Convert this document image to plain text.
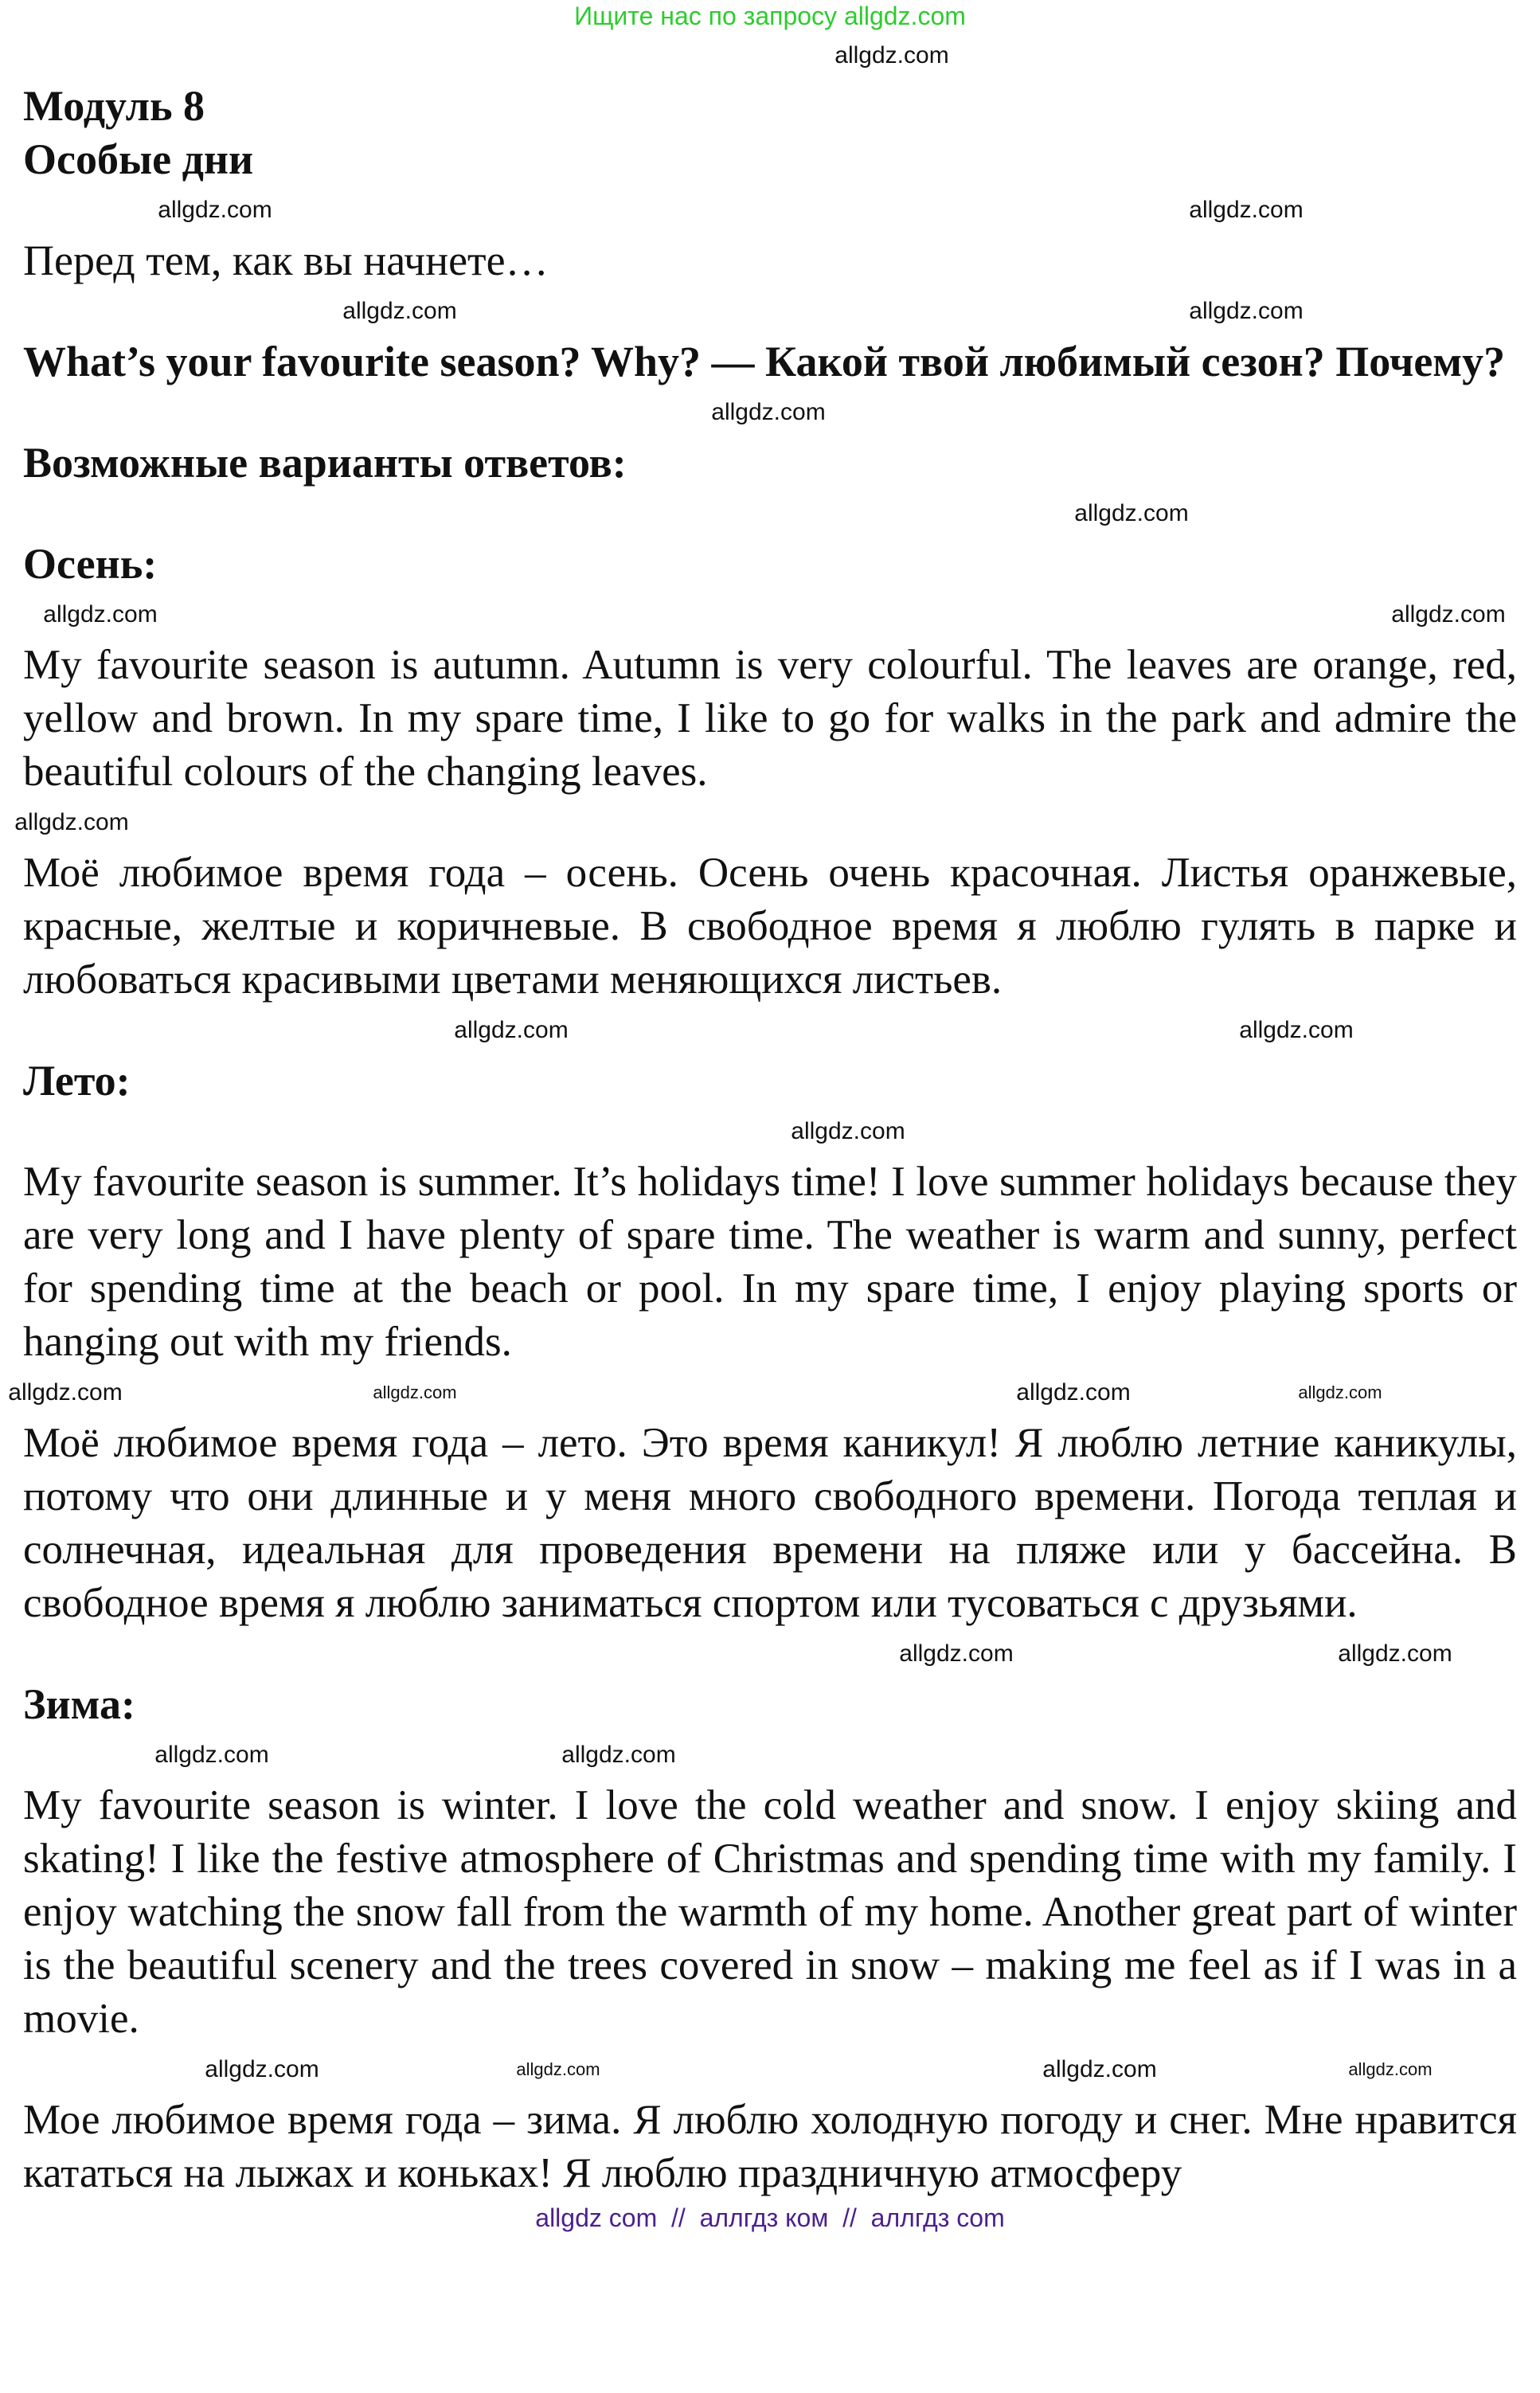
Ищите нас по запросу allgdz.com
allgdz.com
Модуль 8
Особые дни
allgdz.com	allgdz.com
Перед тем, как вы начнете…
allgdz.com	allgdz.com
What’s your favourite season? Why? — Какой твой любимый сезон? Почему?
allgdz.com
Возможные варианты ответов:
allgdz.com
Осень:
allgdz.com	allgdz.com
My favourite season is autumn. Autumn is very colourful. The leaves are orange, red, yellow and brown. In my spare time, I like to go for walks in the park and admire the beautiful colours of the changing leaves.
allgdz.com
Моё любимое время года – осень. Осень очень красочная. Листья оранжевые, красные, желтые и коричневые. В свободное время я люблю гулять в парке и любоваться красивыми цветами меняющихся листьев.
allgdz.com
allgdz.com
Лето:
allgdz.com
My favourite season is summer. It’s holidays time! I love summer holidays because they are very long and I have plenty of spare time. The weather is warm and sunny, perfect for spending time at the beach or pool. In my spare time, I enjoy playing sports or hanging out with my friends.
allgdz.com	allgdz.com	allgdz.com	allgdz.com
Моё любимое время года – лето. Это время каникул! Я люблю летние каникулы, потому что они длинные и у меня много свободного времени. Погода теплая и солнечная, идеальная для проведения времени на пляже или у бассейна. В свободное время я люблю заниматься спортом или тусоваться с друзьями.
allgdz.com	allgdz.com
Зима:
allgdz.com	allgdz.com
My favourite season is winter. I love the cold weather and snow. I enjoy skiing and skating! I like the festive atmosphere of Christmas and spending time with my family. I enjoy watching the snow fall from the warmth of my home. Another great part of winter is the beautiful scenery and the trees covered in snow – making me feel as if I was in a movie.
allgdz.com	allgdz.com	allgdz.com	allgdz.com
Мое любимое время года – зима. Я люблю холодную погоду и снег. Мне нравится кататься на лыжах и коньках! Я люблю праздничную атмосферу
allgdz com  //  аллгдз ком  //  аллгдз com
